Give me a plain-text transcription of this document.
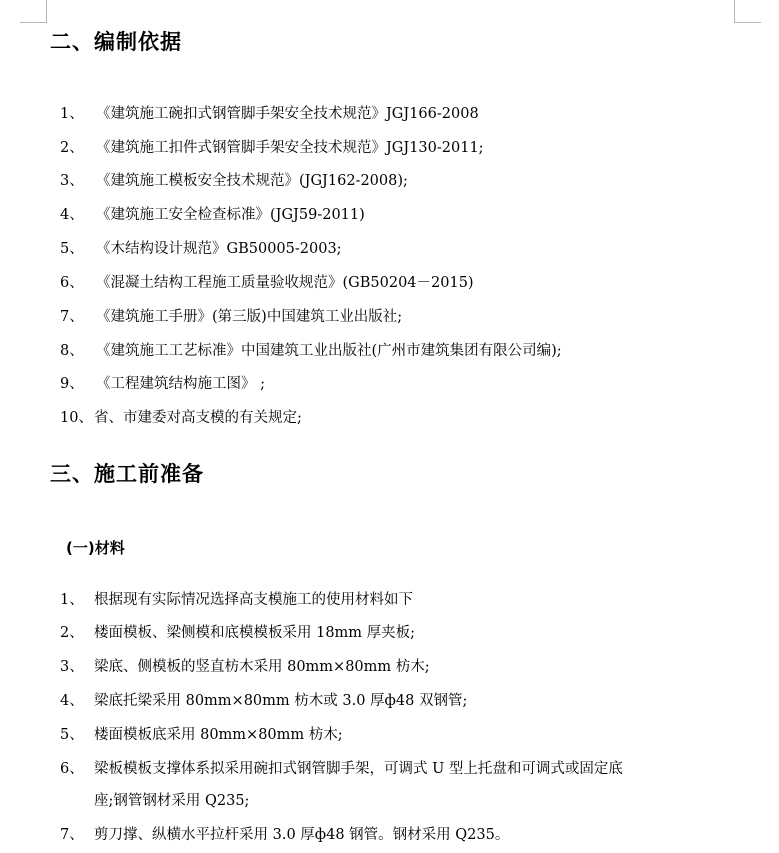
二、编制依据
1、 《建筑施工碗扣式钢管脚手架安全技术规范》JGJ166-2008
2、 《建筑施工扣件式钢管脚手架安全技术规范》JGJ130-2011;
3、 《建筑施工模板安全技术规范》(JGJ162-2008);
4、 《建筑施工安全检查标准》(JGJ59-2011)
5、 《木结构设计规范》GB50005-2003;
6、 《混凝土结构工程施工质量验收规范》(GB50204－2015)
7、 《建筑施工手册》(第三版)中国建筑工业出版社;
8、 《建筑施工工艺标准》中国建筑工业出版社(广州市建筑集团有限公司编);
9、 《工程建筑结构施工图》 ;
10、省、市建委对高支模的有关规定;
三、施工前准备
(一)材料
1、 根据现有实际情况选择高支模施工的使用材料如下
2、 楼面模板、梁侧模和底模模板采用 18mm 厚夹板;
3、 梁底、侧模板的竖直枋木采用 80mm×80mm 枋木;
4、 梁底托梁采用 80mm×80mm 枋木或 3.0 厚ф48 双钢管;
5、 楼面模板底采用 80mm×80mm 枋木;
6、 梁板模板支撑体系拟采用碗扣式钢管脚手架，可调式 U 型上托盘和可调式或固定底
座;钢管钢材采用 Q235;
7、 剪刀撑、纵横水平拉杆采用 3.0 厚ф48 钢管。钢材采用 Q235。
